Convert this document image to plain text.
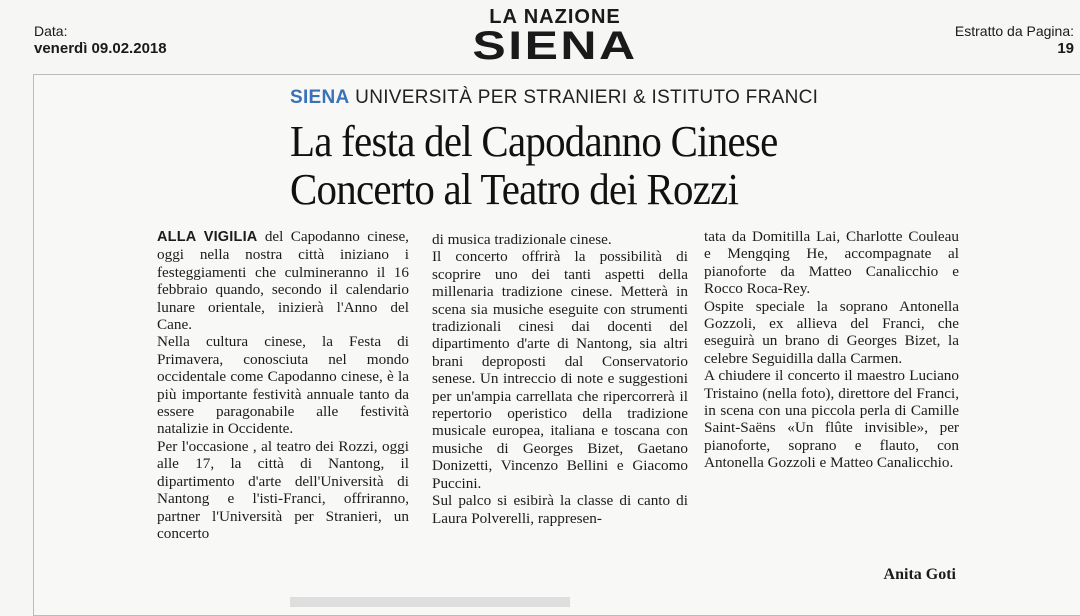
Data:
venerdì 09.02.2018
LA NAZIONE
SIENA	Estratto da Pagina:
19
SIENA UNIVERSITÀ PER STRANIERI & ISTITUTO FRANCI
La festa del Capodanno Cinese
Concerto al Teatro dei Rozzi

ALLA VIGILIA del Capodanno cinese, oggi nella nostra città iniziano i festeggiamenti che culmineranno il 16 febbraio quando, secondo il calendario lunare orientale, inizierà l'Anno del Cane.

Nella cultura cinese, la Festa di Primavera, conosciuta nel mondo occidentale come Capodanno cinese, è la più importante festività annuale tanto da essere paragonabile alle festività natalizie in Occidente.

Per l'occasione , al teatro dei Rozzi, oggi alle 17, la città di Nantong, il dipartimento d'arte dell'Università di Nantong e l'isti-Franci, offriranno, partner l'Università per Stranieri, un concerto

di musica tradizionale cinese.

Il concerto offrirà la possibilità di scoprire uno dei tanti aspetti della millenaria tradizione cinese. Metterà in scena sia musiche eseguite con strumenti tradizionali cinesi dai docenti del dipartimento d'arte di Nantong, sia altri brani deproposti dal Conservatorio senese. Un intreccio di note e suggestioni per un'ampia carrellata che ripercorrerà il repertorio operistico della tradizione musicale europea, italiana e toscana con musiche di Georges Bizet, Gaetano Donizetti, Vincenzo Bellini e Giacomo Puccini.

Sul palco si esibirà la classe di canto di Laura Polverelli, rappresen-

tata da Domitilla Lai, Charlotte Couleau e Mengqing He, accompagnate al pianoforte da Matteo Canalicchio e Rocco Roca-Rey.

Ospite speciale la soprano Antonella Gozzoli, ex allieva del Franci, che eseguirà un brano di Georges Bizet, la celebre Seguidilla dalla Carmen.

A chiudere il concerto il maestro Luciano Tristaino (nella foto), direttore del Franci, in scena con una piccola perla di Camille Saint-Saëns «Un flûte invisible», per pianoforte, soprano e flauto, con Antonella Gozzoli e Matteo Canalicchio.

Anita Goti
